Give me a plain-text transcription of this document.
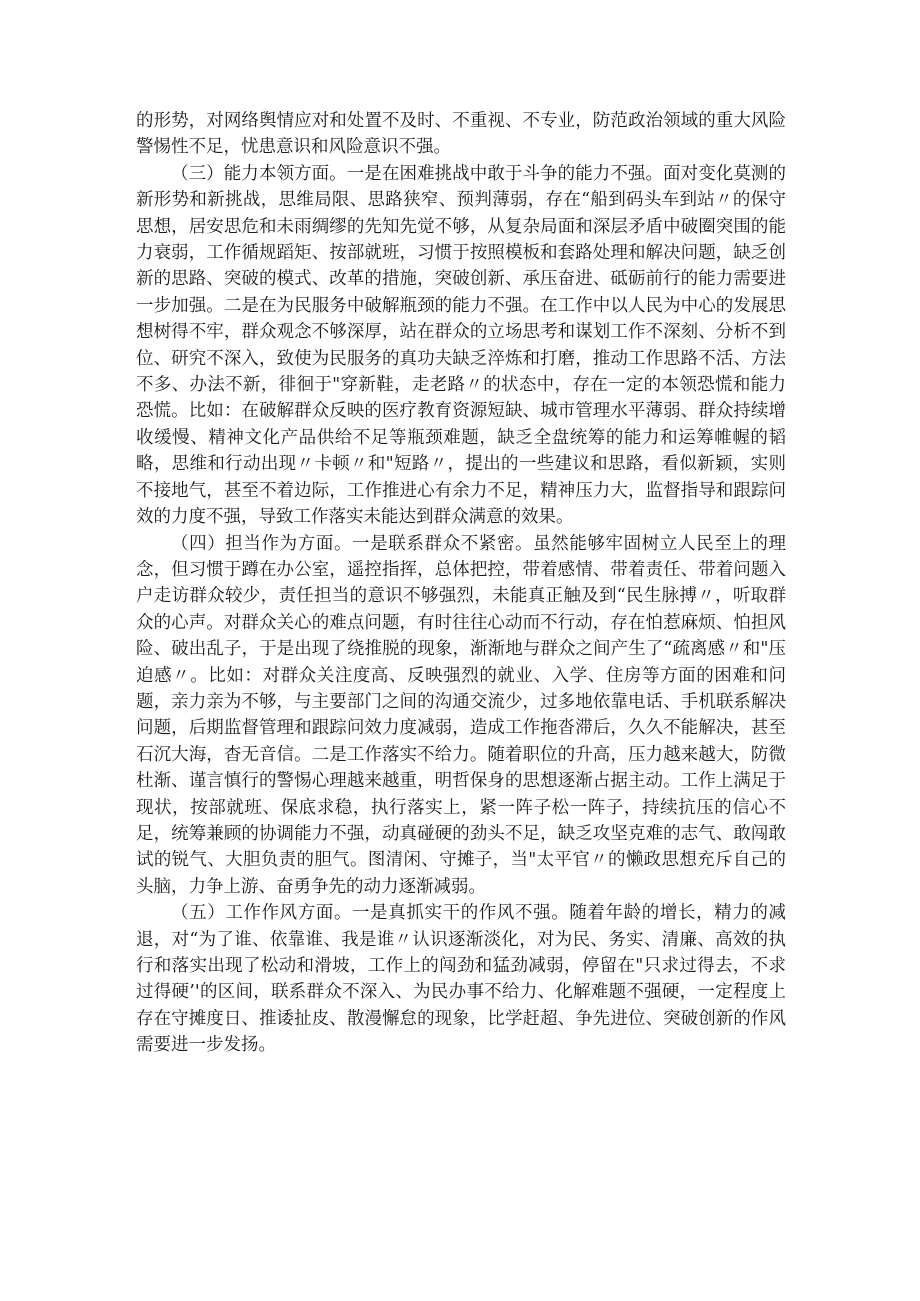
的形势，对网络舆情应对和处置不及时、不重视、不专业，防范政治领域的重大风险警惕性不足，忧患意识和风险意识不强。

（三）能力本领方面。一是在困难挑战中敢于斗争的能力不强。面对变化莫测的新形势和新挑战，思维局限、思路狭窄、预判薄弱，存在“船到码头车到站〃的保守思想，居安思危和未雨绸缪的先知先觉不够，从复杂局面和深层矛盾中破圈突围的能力衰弱，工作循规蹈矩、按部就班，习惯于按照模板和套路处理和解决问题，缺乏创新的思路、突破的模式、改革的措施，突破创新、承压奋进、砥砺前行的能力需要进一步加强。二是在为民服务中破解瓶颈的能力不强。在工作中以人民为中心的发展思想树得不牢，群众观念不够深厚，站在群众的立场思考和谋划工作不深刻、分析不到位、研究不深入，致使为民服务的真功夫缺乏淬炼和打磨，推动工作思路不活、方法不多、办法不新，徘徊于"穿新鞋，走老路〃的状态中，存在一定的本领恐慌和能力恐慌。比如：在破解群众反映的医疗教育资源短缺、城市管理水平薄弱、群众持续增收缓慢、精神文化产品供给不足等瓶颈难题，缺乏全盘统筹的能力和运筹帷幄的韬略，思维和行动出现〃卡顿〃和"短路〃，提出的一些建议和思路，看似新颖，实则不接地气，甚至不着边际，工作推进心有余力不足，精神压力大，监督指导和跟踪问效的力度不强，导致工作落实未能达到群众满意的效果。

（四）担当作为方面。一是联系群众不紧密。虽然能够牢固树立人民至上的理念，但习惯于蹲在办公室，遥控指挥，总体把控，带着感情、带着责任、带着问题入户走访群众较少，责任担当的意识不够强烈，未能真正触及到“民生脉搏〃，听取群众的心声。对群众关心的难点问题，有时往往心动而不行动，存在怕惹麻烦、怕担风险、破出乱子，于是出现了绕推脱的现象，渐渐地与群众之间产生了“疏离感〃和"压迫感〃。比如：对群众关注度高、反映强烈的就业、入学、住房等方面的困难和问题，亲力亲为不够，与主要部门之间的沟通交流少，过多地依靠电话、手机联系解决问题，后期监督管理和跟踪问效力度减弱，造成工作拖沓滞后，久久不能解决，甚至石沉大海，杳无音信。二是工作落实不给力。随着职位的升高，压力越来越大，防微杜渐、谨言慎行的警惕心理越来越重，明哲保身的思想逐渐占据主动。工作上满足于现状，按部就班、保底求稳，执行落实上，紧一阵子松一阵子，持续抗压的信心不足，统筹兼顾的协调能力不强，动真碰硬的劲头不足，缺乏攻坚克难的志气、敢闯敢试的锐气、大胆负责的胆气。图清闲、守摊子，当"太平官〃的懒政思想充斥自己的头脑，力争上游、奋勇争先的动力逐渐减弱。

（五）工作作风方面。一是真抓实干的作风不强。随着年龄的增长，精力的减退，对“为了谁、依靠谁、我是谁〃认识逐渐淡化，对为民、务实、清廉、高效的执行和落实出现了松动和滑坡，工作上的闯劲和猛劲减弱，停留在"只求过得去，不求过得硬’'的区间，联系群众不深入、为民办事不给力、化解难题不强硬，一定程度上存在守摊度日、推诿扯皮、散漫懈怠的现象，比学赶超、争先进位、突破创新的作风需要进一步发扬。
